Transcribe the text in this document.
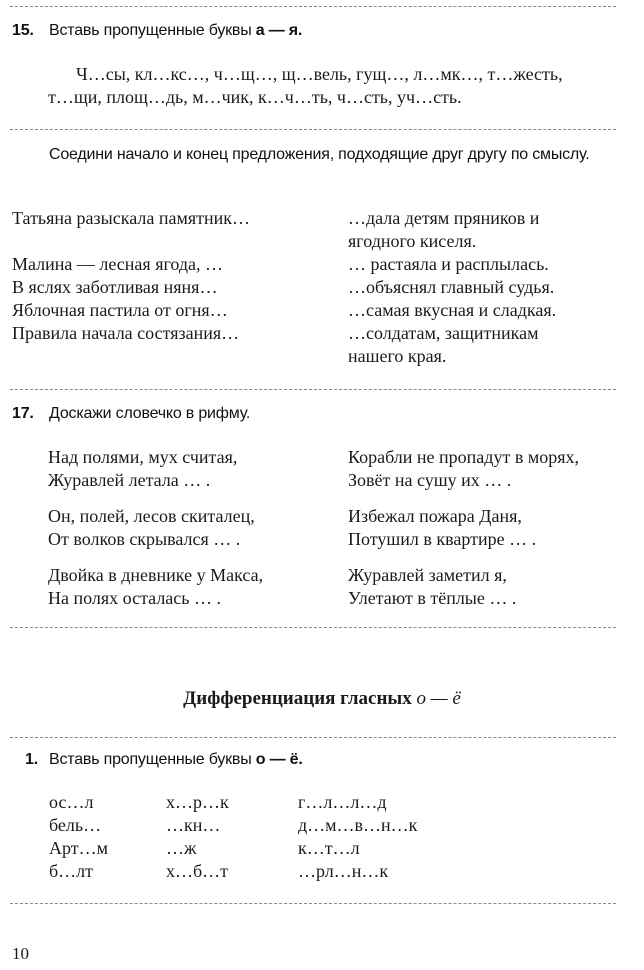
15. Вставь пропущенные буквы а — я.
Ч…сы, кл…кс…, ч…щ…, щ…вель, гущ…, л…мк…, т…жесть,
т…щи, площ…дь, м…чик, к…ч…ть, ч…сть, уч…сть.
Соедини начало и конец предложения, подходящие друг другу по смыслу.
Татьяна разыскала памятник…
Малина — лесная ягода, …
В яслях заботливая няня…
Яблочная пастила от огня…
Правила начала состязания…
…дала детям пряников и
ягодного киселя.
… растаяла и расплылась.
…объяснял главный судья.
…самая вкусная и сладкая.
…солдатам, защитникам
нашего края.
17. Доскажи словечко в рифму.
Над полями, мух считая,
Журавлей летала … .
Он, полей, лесов скиталец,
От волков скрывался … .
Двойка в дневнике у Макса,
На полях осталась … .
Корабли не пропадут в морях,
Зовёт на сушу их … .
Избежал пожара Даня,
Потушил в квартире … .
Журавлей заметил я,
Улетают в тёплые … .
Дифференциация гласных о — ё
1. Вставь пропущенные буквы о — ё.
ос…л
бель…
Арт…м
б…лт
х…р…к
…кн…
…ж
х…б…т
г…л…л…д
д…м…в…н…к
к…т…л
…рл…н…к
10
